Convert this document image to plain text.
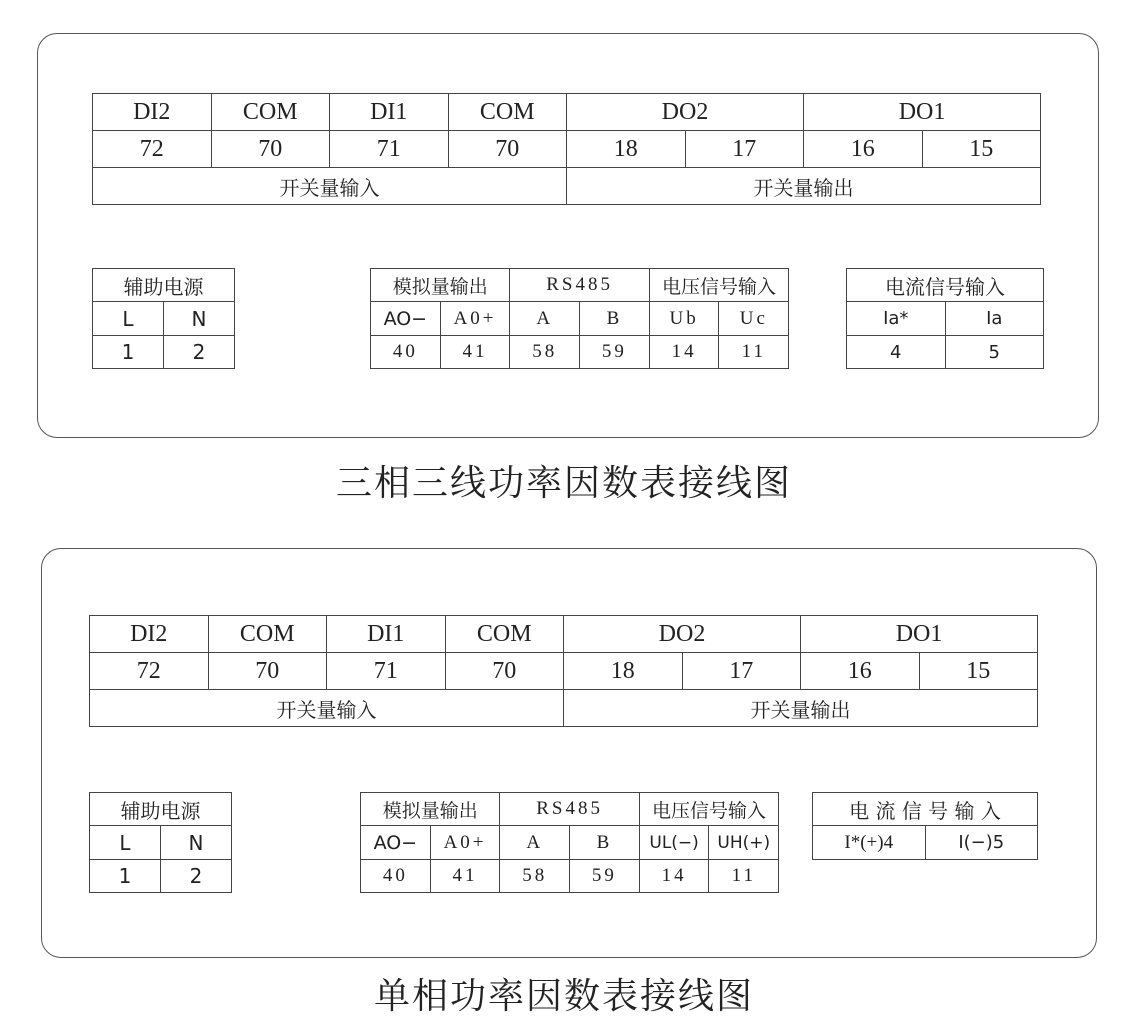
DI2	COM	DI1	COM	DO2		DO1	
72	70	71	70	18	17	16	15
开关量输入				开关量输出			
辅助电源	
L	N
1	2
模拟量输出		RS485		电压信号输入	
AO−	A0+	A	B	Ub	Uc
40	41	58	59	14	11
电流信号输入	
Ia*	Ia
4	5
三相三线功率因数表接线图
DI2	COM	DI1	COM	DO2		DO1	
72	70	71	70	18	17	16	15
开关量输入				开关量输出			
辅助电源	
L	N
1	2
模拟量输出		RS485		电压信号输入	
AO−	A0+	A	B	UL(−)	UH(+)
40	41	58	59	14	11
电 流 信 号 输 入
I*(+)4	I(−)5
单相功率因数表接线图
